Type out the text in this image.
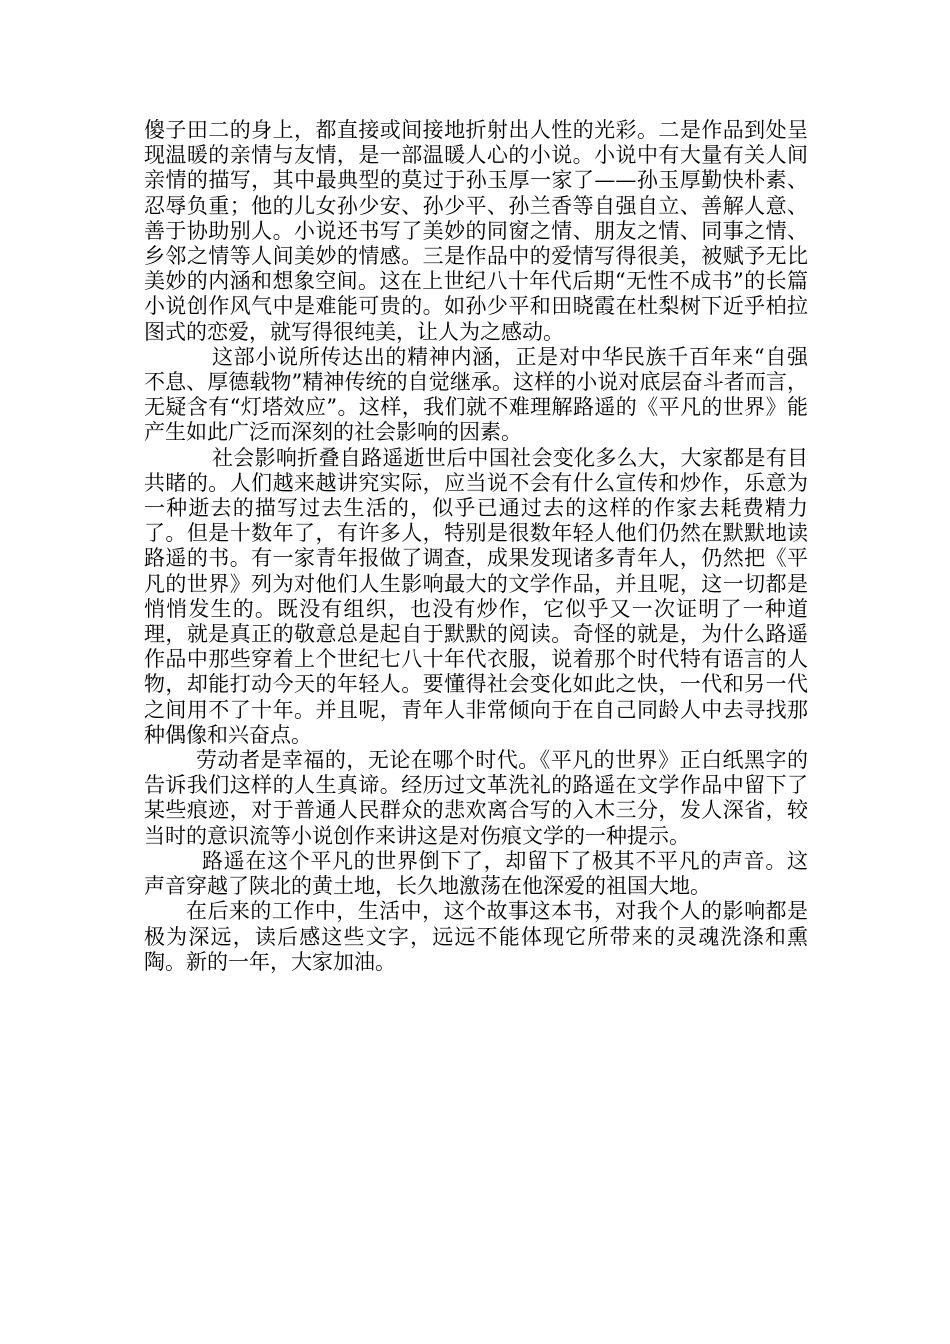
傻子田二的身上，都直接或间接地折射出人性的光彩。二是作品到处呈现温暖的亲情与友情，是一部温暖人心的小说。小说中有大量有关人间亲情的描写，其中最典型的莫过于孙玉厚一家了——孙玉厚勤快朴素、忍辱负重；他的儿女孙少安、孙少平、孙兰香等自强自立、善解人意、善于协助别人。小说还书写了美妙的同窗之情、朋友之情、同事之情、乡邻之情等人间美妙的情感。三是作品中的爱情写得很美，被赋予无比美妙的内涵和想象空间。这在上世纪八十年代后期“无性不成书”的长篇小说创作风气中是难能可贵的。如孙少平和田晓霞在杜梨树下近乎柏拉图式的恋爱，就写得很纯美，让人为之感动。

这部小说所传达出的精神内涵，正是对中华民族千百年来“自强不息、厚德载物”精神传统的自觉继承。这样的小说对底层奋斗者而言，无疑含有“灯塔效应”。这样，我们就不难理解路遥的《平凡的世界》能产生如此广泛而深刻的社会影响的因素。

社会影响折叠自路遥逝世后中国社会变化多么大，大家都是有目共睹的。人们越来越讲究实际，应当说不会有什么宣传和炒作，乐意为一种逝去的描写过去生活的，似乎已通过去的这样的作家去耗费精力了。但是十数年了，有许多人，特别是很数年轻人他们仍然在默默地读路遥的书。有一家青年报做了调查，成果发现诸多青年人，仍然把《平凡的世界》列为对他们人生影响最大的文学作品，并且呢，这一切都是悄悄发生的。既没有组织，也没有炒作，它似乎又一次证明了一种道理，就是真正的敬意总是起自于默默的阅读。奇怪的就是，为什么路遥作品中那些穿着上个世纪七八十年代衣服，说着那个时代特有语言的人物，却能打动今天的年轻人。要懂得社会变化如此之快，一代和另一代之间用不了十年。并且呢，青年人非常倾向于在自己同龄人中去寻找那种偶像和兴奋点。

劳动者是幸福的，无论在哪个时代。《平凡的世界》正白纸黑字的告诉我们这样的人生真谛。经历过文革洗礼的路遥在文学作品中留下了某些痕迹，对于普通人民群众的悲欢离合写的入木三分，发人深省，较当时的意识流等小说创作来讲这是对伤痕文学的一种提示。

路遥在这个平凡的世界倒下了，却留下了极其不平凡的声音。这声音穿越了陕北的黄土地，长久地激荡在他深爱的祖国大地。

在后来的工作中，生活中，这个故事这本书，对我个人的影响都是极为深远，读后感这些文字，远远不能体现它所带来的灵魂洗涤和熏陶。新的一年，大家加油。
